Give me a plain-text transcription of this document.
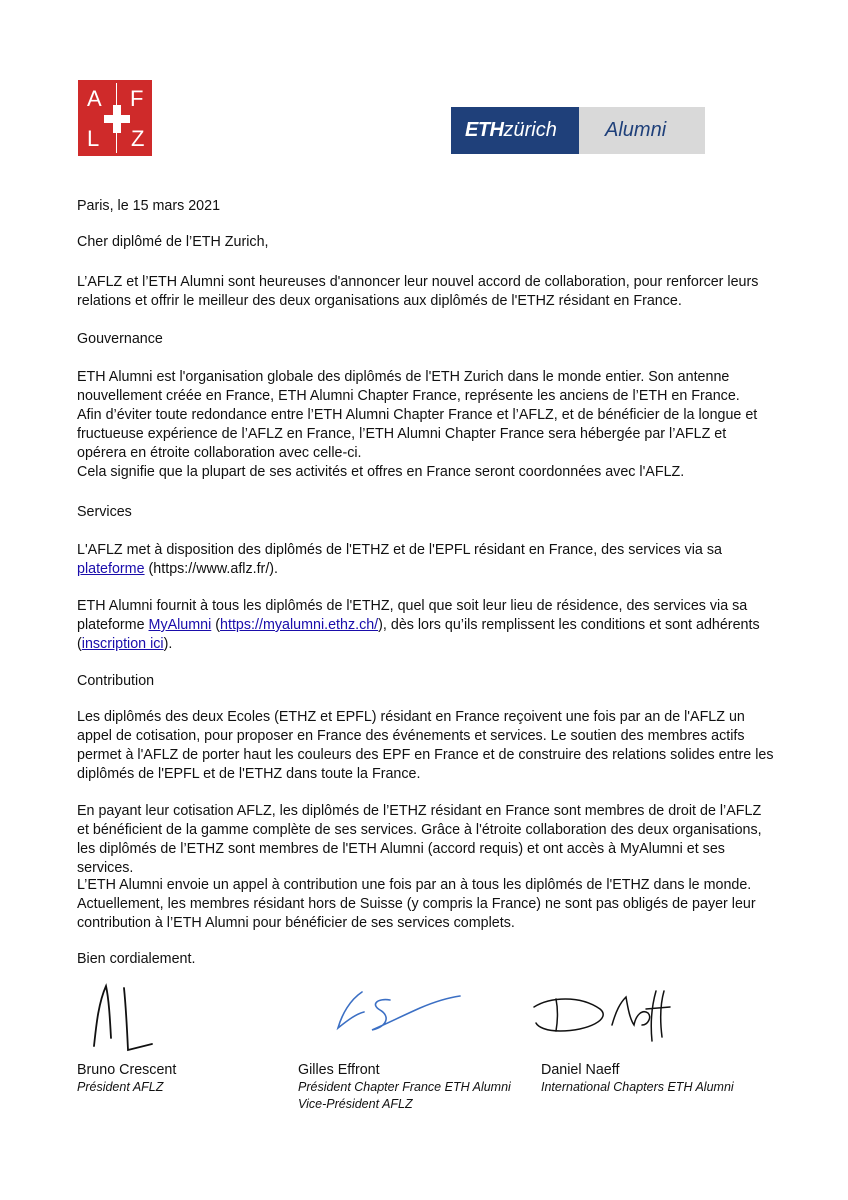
A F
L Z	ETHzürich	Alumni

Paris, le 15 mars 2021

Cher diplômé de l’ETH Zurich,

L’AFLZ et l’ETH Alumni sont heureuses d'annoncer leur nouvel accord de collaboration, pour renforcer leurs relations et offrir le meilleur des deux organisations aux diplômés de l'ETHZ résidant en France.

Gouvernance

ETH Alumni est l'organisation globale des diplômés de l'ETH Zurich dans le monde entier. Son antenne nouvellement créée en France, ETH Alumni Chapter France, représente les anciens de l’ETH en France.

Afin d’éviter toute redondance entre l’ETH Alumni Chapter France et l’AFLZ, et de bénéficier de la longue et fructueuse expérience de l’AFLZ en France, l’ETH Alumni Chapter France sera hébergée par l’AFLZ et opérera en étroite collaboration avec celle-ci.

Cela signifie que la plupart de ses activités et offres en France seront coordonnées avec l'AFLZ.

Services

L'AFLZ met à disposition des diplômés de l'ETHZ et de l'EPFL résidant en France, des services via sa plateforme (https://www.aflz.fr/).

ETH Alumni fournit à tous les diplômés de l'ETHZ, quel que soit leur lieu de résidence, des services via sa plateforme MyAlumni (https://myalumni.ethz.ch/), dès lors qu’ils remplissent les conditions et sont adhérents (inscription ici).

Contribution

Les diplômés des deux Ecoles (ETHZ et EPFL) résidant en France reçoivent une fois par an de l'AFLZ un appel de cotisation, pour proposer en France des événements et services. Le soutien des membres actifs permet à l'AFLZ de porter haut les couleurs des EPF en France et de construire des relations solides entre les diplômés de l'EPFL et de l'ETHZ dans toute la France.

En payant leur cotisation AFLZ, les diplômés de l’ETHZ résidant en France sont membres de droit de l’AFLZ et bénéficient de la gamme complète de ses services. Grâce à l'étroite collaboration des deux organisations, les diplômés de l’ETHZ sont membres de l'ETH Alumni (accord requis) et ont accès à MyAlumni et ses services.

L’ETH Alumni envoie un appel à contribution une fois par an à tous les diplômés de l'ETHZ dans le monde. Actuellement, les membres résidant hors de Suisse (y compris la France) ne sont pas obligés de payer leur contribution à l’ETH Alumni pour bénéficier de ses services complets.

Bien cordialement.

Bruno Crescent
Président AFLZ
Gilles Effront
Président Chapter France ETH Alumni
Vice-Président AFLZ
Daniel Naeff
International Chapters ETH Alumni
